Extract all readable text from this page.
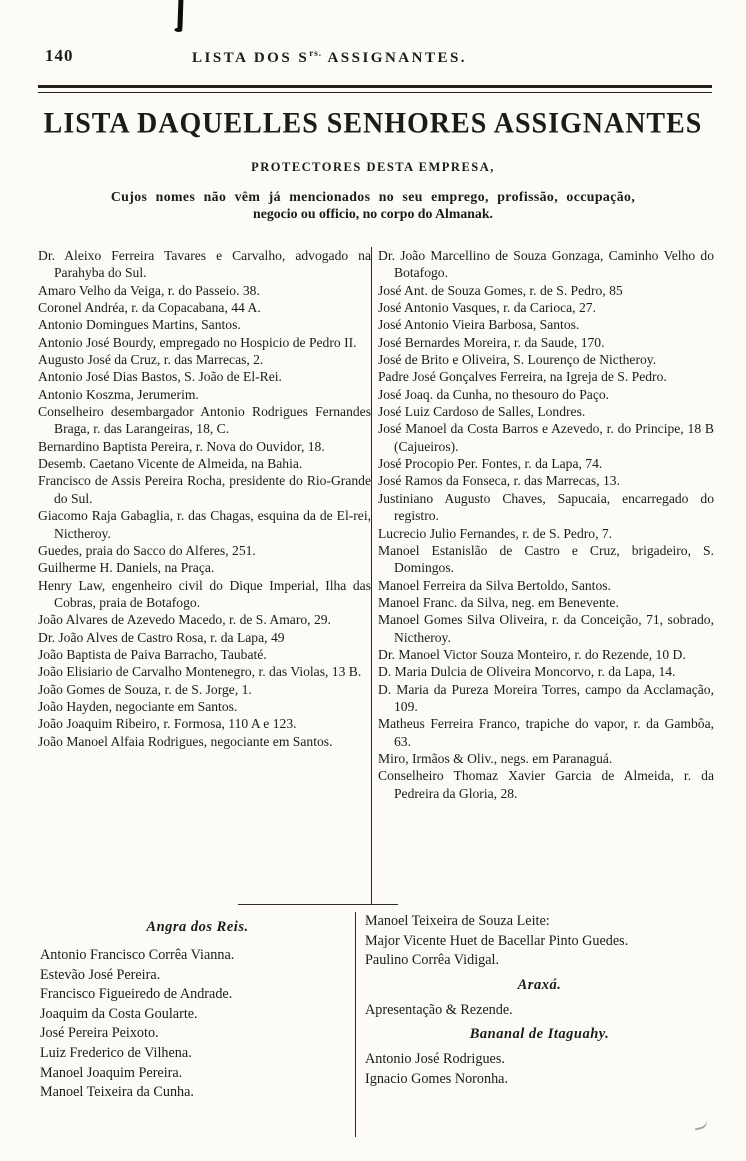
140	LISTA DOS $S^{rs.}$ ASSIGNANTES.
LISTA DAQUELLES SENHORES ASSIGNANTES
PROTECTORES DESTA EMPRESA,

Cujos nomes não vêm já mencionados no seu emprego, profissão, occupação,
negocio ou officio, no corpo do Almanak.

Dr. Aleixo Ferreira Tavares e Carvalho, advogado na Parahyba do Sul.

Amaro Velho da Veiga, r. do Passeio. 38.

Coronel Andréa, r. da Copacabana, 44 A.

Antonio Domingues Martins, Santos.

Antonio José Bourdy, empregado no Hospicio de Pedro II.

Augusto José da Cruz, r. das Marrecas, 2.

Antonio José Dias Bastos, S. João de El-Rei.

Antonio Koszma, Jerumerim.

Conselheiro desembargador Antonio Rodrigues Fernandes Braga, r. das Larangeiras, 18, C.

Bernardino Baptista Pereira, r. Nova do Ouvidor, 18.

Desemb. Caetano Vicente de Almeida, na Bahia.

Francisco de Assis Pereira Rocha, presidente do Rio-Grande do Sul.

Giacomo Raja Gabaglia, r. das Chagas, esquina da de El-rei, Nictheroy.

Guedes, praia do Sacco do Alferes, 251.

Guilherme H. Daniels, na Praça.

Henry Law, engenheiro civil do Dique Imperial, Ilha das Cobras, praia de Botafogo.

João Alvares de Azevedo Macedo, r. de S. Amaro, 29.

Dr. João Alves de Castro Rosa, r. da Lapa, 49

João Baptista de Paiva Barracho, Taubaté.

João Elisiario de Carvalho Montenegro, r. das Violas, 13 B.

João Gomes de Souza, r. de S. Jorge, 1.

João Hayden, negociante em Santos.

João Joaquim Ribeiro, r. Formosa, 110 A e 123.

João Manoel Alfaia Rodrigues, negociante em Santos.

Dr. João Marcellino de Souza Gonzaga, Caminho Velho do Botafogo.

José Ant. de Souza Gomes, r. de S. Pedro, 85

José Antonio Vasques, r. da Carioca, 27.

José Antonio Vieira Barbosa, Santos.

José Bernardes Moreira, r. da Saude, 170.

José de Brito e Oliveira, S. Lourenço de Nictheroy.

Padre José Gonçalves Ferreira, na Igreja de S. Pedro.

José Joaq. da Cunha, no thesouro do Paço.

José Luiz Cardoso de Salles, Londres.

José Manoel da Costa Barros e Azevedo, r. do Principe, 18 B (Cajueiros).

José Procopio Per. Fontes, r. da Lapa, 74.

José Ramos da Fonseca, r. das Marrecas, 13.

Justiniano Augusto Chaves, Sapucaia, encarregado do registro.

Lucrecio Julio Fernandes, r. de S. Pedro, 7.

Manoel Estanislão de Castro e Cruz, brigadeiro, S. Domingos.

Manoel Ferreira da Silva Bertoldo, Santos.

Manoel Franc. da Silva, neg. em Benevente.

Manoel Gomes Silva Oliveira, r. da Conceição, 71, sobrado, Nictheroy.

Dr. Manoel Victor Souza Monteiro, r. do Rezende, 10 D.

D. Maria Dulcia de Oliveira Moncorvo, r. da Lapa, 14.

D. Maria da Pureza Moreira Torres, campo da Acclamação, 109.

Matheus Ferreira Franco, trapiche do vapor, r. da Gambôa, 63.

Miro, Irmãos & Oliv., negs. em Paranaguá.

Conselheiro Thomaz Xavier Garcia de Almeida, r. da Pedreira da Gloria, 28.

Angra dos Reis.

Antonio Francisco Corrêa Vianna.

Estevão José Pereira.

Francisco Figueiredo de Andrade.

Joaquim da Costa Goularte.

José Pereira Peixoto.

Luiz Frederico de Vilhena.

Manoel Joaquim Pereira.

Manoel Teixeira da Cunha.

Manoel Teixeira de Souza Leite:

Major Vicente Huet de Bacellar Pinto Guedes.

Paulino Corrêa Vidigal.

Araxá.

Apresentação & Rezende.

Bananal de Itaguahy.

Antonio José Rodrigues.

Ignacio Gomes Noronha.
